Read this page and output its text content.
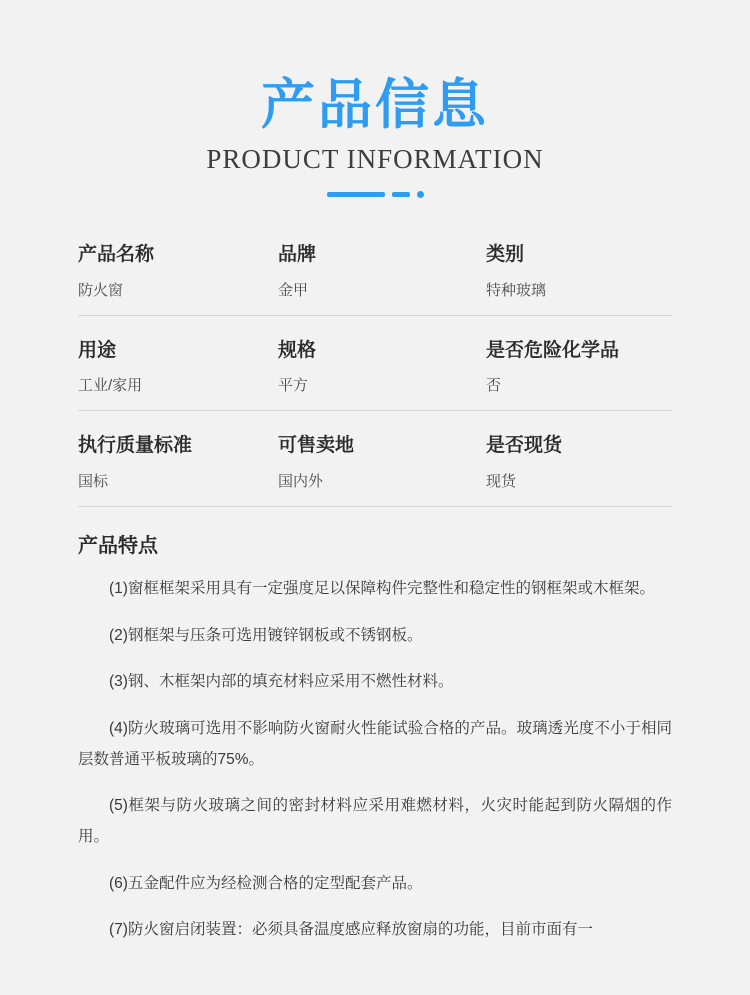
产品信息
PRODUCT INFORMATION
产品名称
防火窗
品牌
金甲
类别
特种玻璃
用途
工业/家用
规格
平方
是否危险化学品
否
执行质量标准
国标
可售卖地
国内外
是否现货
现货
产品特点

(1)窗框框架采用具有一定强度足以保障构件完整性和稳定性的钢框架或木框架。

(2)钢框架与压条可选用镀锌钢板或不锈钢板。

(3)钢、木框架内部的填充材料应采用不燃性材料。

(4)防火玻璃可选用不影响防火窗耐火性能试验合格的产品。玻璃透光度不小于相同层数普通平板玻璃的75%。

(5)框架与防火玻璃之间的密封材料应采用难燃材料，火灾时能起到防火隔烟的作用。

(6)五金配件应为经检测合格的定型配套产品。

(7)防火窗启闭装置：必须具备温度感应释放窗扇的功能，目前市面有一
